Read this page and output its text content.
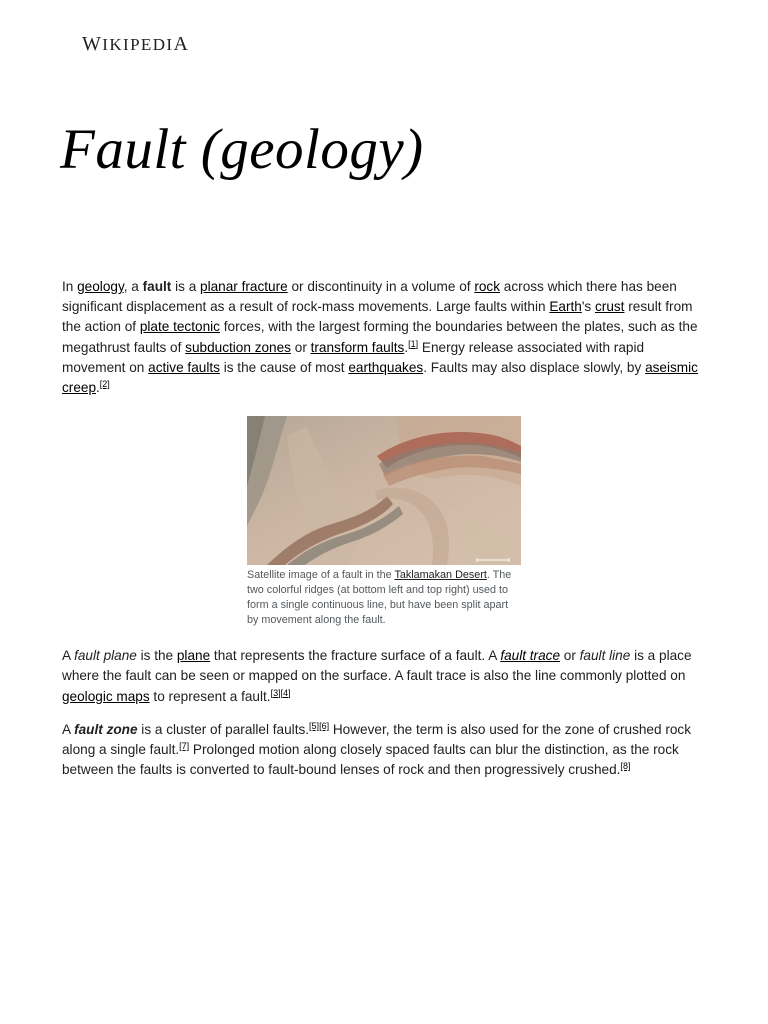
WIKIPEDIA
Fault (geology)

In geology, a fault is a planar fracture or discontinuity in a volume of rock across which there has been significant displacement as a result of rock-mass movements. Large faults within Earth's crust result from the action of plate tectonic forces, with the largest forming the boundaries between the plates, such as the megathrust faults of subduction zones or transform faults.[1] Energy release associated with rapid movement on active faults is the cause of most earthquakes. Faults may also displace slowly, by aseismic creep.[2]

Satellite image of a fault in the Taklamakan Desert. The two colorful ridges (at bottom left and top right) used to form a single continuous line, but have been split apart by movement along the fault.

A fault plane is the plane that represents the fracture surface of a fault. A fault trace or fault line is a place where the fault can be seen or mapped on the surface. A fault trace is also the line commonly plotted on geologic maps to represent a fault.[3][4]

A fault zone is a cluster of parallel faults.[5][6] However, the term is also used for the zone of crushed rock along a single fault.[7] Prolonged motion along closely spaced faults can blur the distinction, as the rock between the faults is converted to fault-bound lenses of rock and then progressively crushed.[8]
